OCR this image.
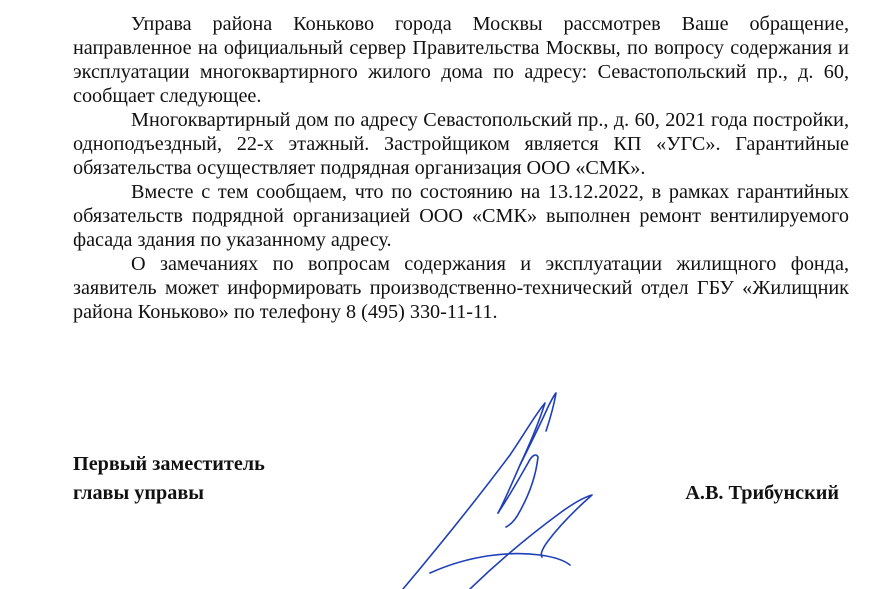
Управа района Коньково города Москвы рассмотрев Ваше обращение, направленное на официальный сервер Правительства Москвы, по вопросу содержания и эксплуатации многоквартирного жилого дома по адресу: Севастопольский пр., д. 60, сообщает следующее.

Многоквартирный дом по адресу Севастопольский пр., д. 60, 2021 года постройки, одноподъездный, 22-х этажный. Застройщиком является КП «УГС». Гарантийные обязательства осуществляет подрядная организация ООО «СМК».

Вместе с тем сообщаем, что по состоянию на 13.12.2022, в рамках гарантийных обязательств подрядной организацией ООО «СМК» выполнен ремонт вентилируемого фасада здания по указанному адресу.

О замечаниях по вопросам содержания и эксплуатации жилищного фонда, заявитель может информировать производственно-технический отдел ГБУ «Жилищник района Коньково» по телефону 8 (495) 330-11-11.

Первый заместитель
главы управы	А.В. Трибунский
